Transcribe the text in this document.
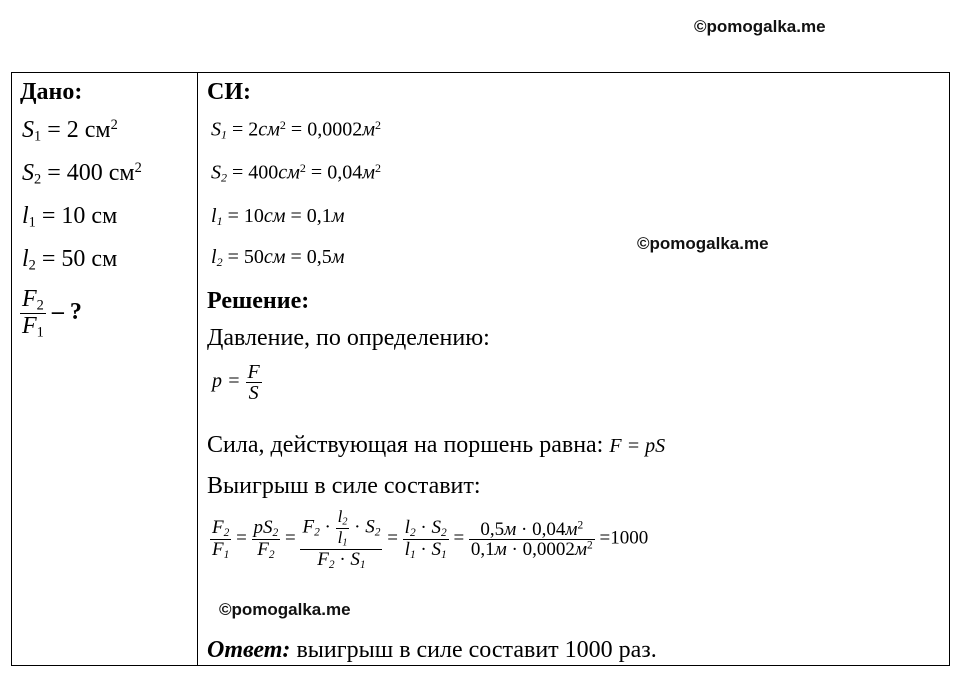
©pomogalka.me
©pomogalka.me
©pomogalka.me
Дано:
$S_1 = 2$ $см^2$
$S_2 = 400$ $см^2$
$l_1 = 10$ см
$l_2 = 50$ см
$\frac{F_2}{F_1}$ – ?
СИ:
$S_1 = 2см^2 = 0,0002м^2$
$S_2 = 400см^2 = 0,04м^2$
$l_1 = 10см = 0,1м$
$l_2 = 50см = 0,5м$
Решение:
Давление, по определению:
$p = \frac{F}{S}$
Сила, действующая на поршень равна: F = pS
Выигрыш в силе составит:
$\frac{F_2}{F_1} = \frac{pS_2}{F_2} = \frac{F_2 \cdot \frac{l_2}{l_1} \cdot S_2}{F_2 \cdot S_1} = \frac{l_2 \cdot S_2}{l_1 \cdot S_1} = 0,5м \cdot 0,04м^2$
$0,1м \cdot 0,0002м^2 =1000$
Ответ: выигрыш в силе составит 1000 раз.
